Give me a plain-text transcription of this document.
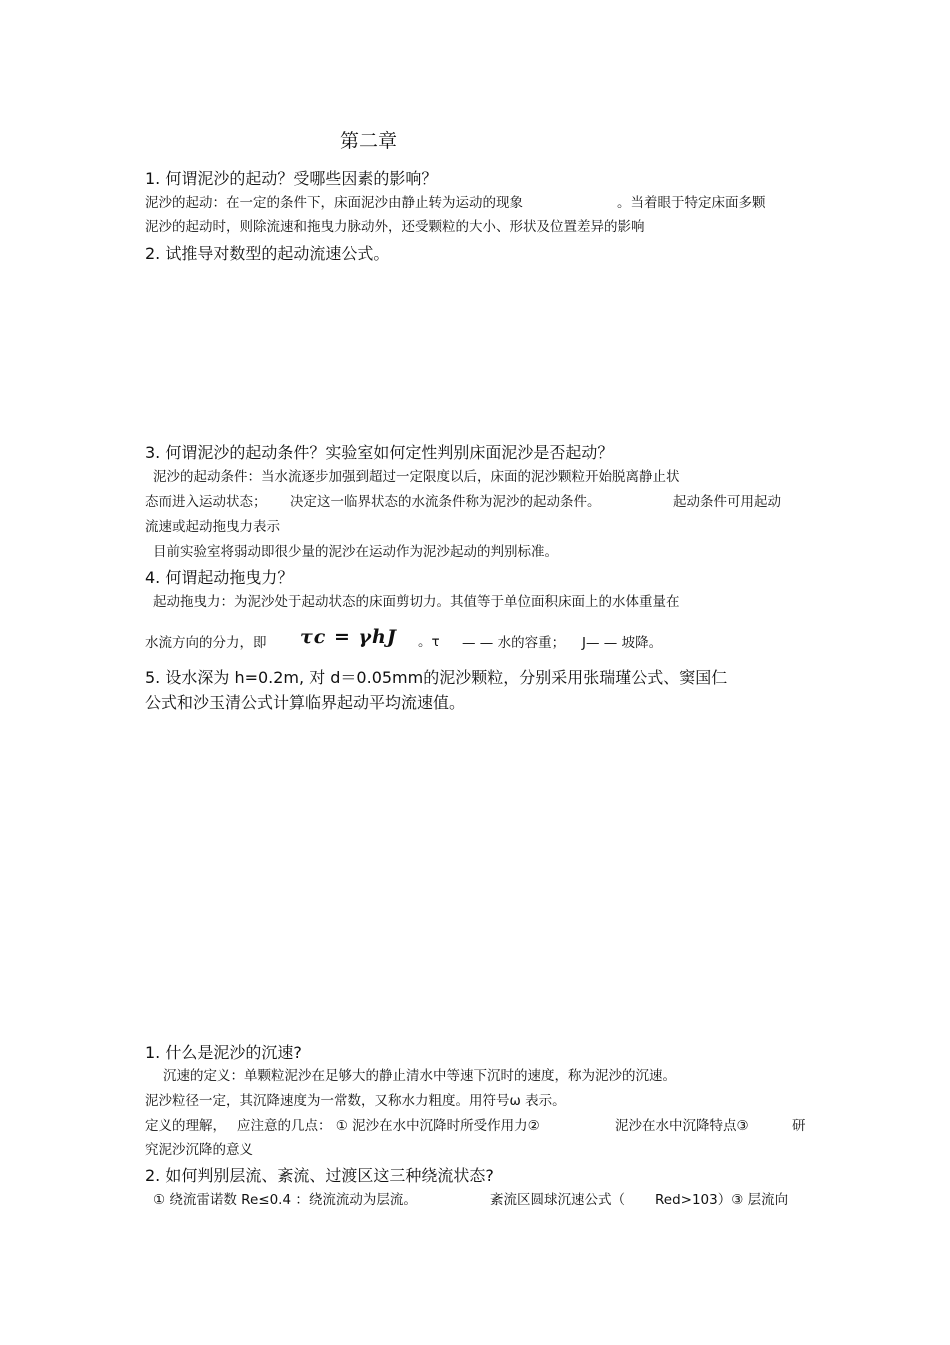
第二章
1. 何谓泥沙的起动？受哪些因素的影响？
泥沙的起动：在一定的条件下，床面泥沙由静止转为运动的现象	。当着眼于特定床面多颗
泥沙的起动时，则除流速和拖曳力脉动外，还受颗粒的大小、形状及位置差异的影响
2. 试推导对数型的起动流速公式。
3. 何谓泥沙的起动条件？实验室如何定性判别床面泥沙是否起动？
泥沙的起动条件：当水流逐步加强到超过一定限度以后，床面的泥沙颗粒开始脱离静止状
态而进入运动状态； 决定这一临界状态的水流条件称为泥沙的起动条件。	起动条件可用起动
流速或起动拖曳力表示
目前实验室将弱动即很少量的泥沙在运动作为泥沙起动的判别标准。
4. 何谓起动拖曳力？
起动拖曳力：为泥沙处于起动状态的床面剪切力。其值等于单位面积床面上的水体重量在
水流方向的分力，即 τc = γhJ 。τ — — 水的容重； J— — 坡降。
5. 设水深为 h=0.2m, 对 d＝0.05mm的泥沙颗粒，分别采用张瑞瑾公式、窦国仁
公式和沙玉清公式计算临界起动平均流速值。
1. 什么是泥沙的沉速?
沉速的定义：单颗粒泥沙在足够大的静止清水中等速下沉时的速度，称为泥沙的沉速。
泥沙粒径一定，其沉降速度为一常数，又称水力粗度。用符号ω 表示。
定义的理解， 应注意的几点： ① 泥沙在水中沉降时所受作用力②	泥沙在水中沉降特点③	研
究泥沙沉降的意义
2. 如何判别层流、紊流、过渡区这三种绕流状态?
① 绕流雷诺数 Re≤0.4 ：绕流流动为层流。	紊流区圆球沉速公式（ Red>103）③ 层流向
